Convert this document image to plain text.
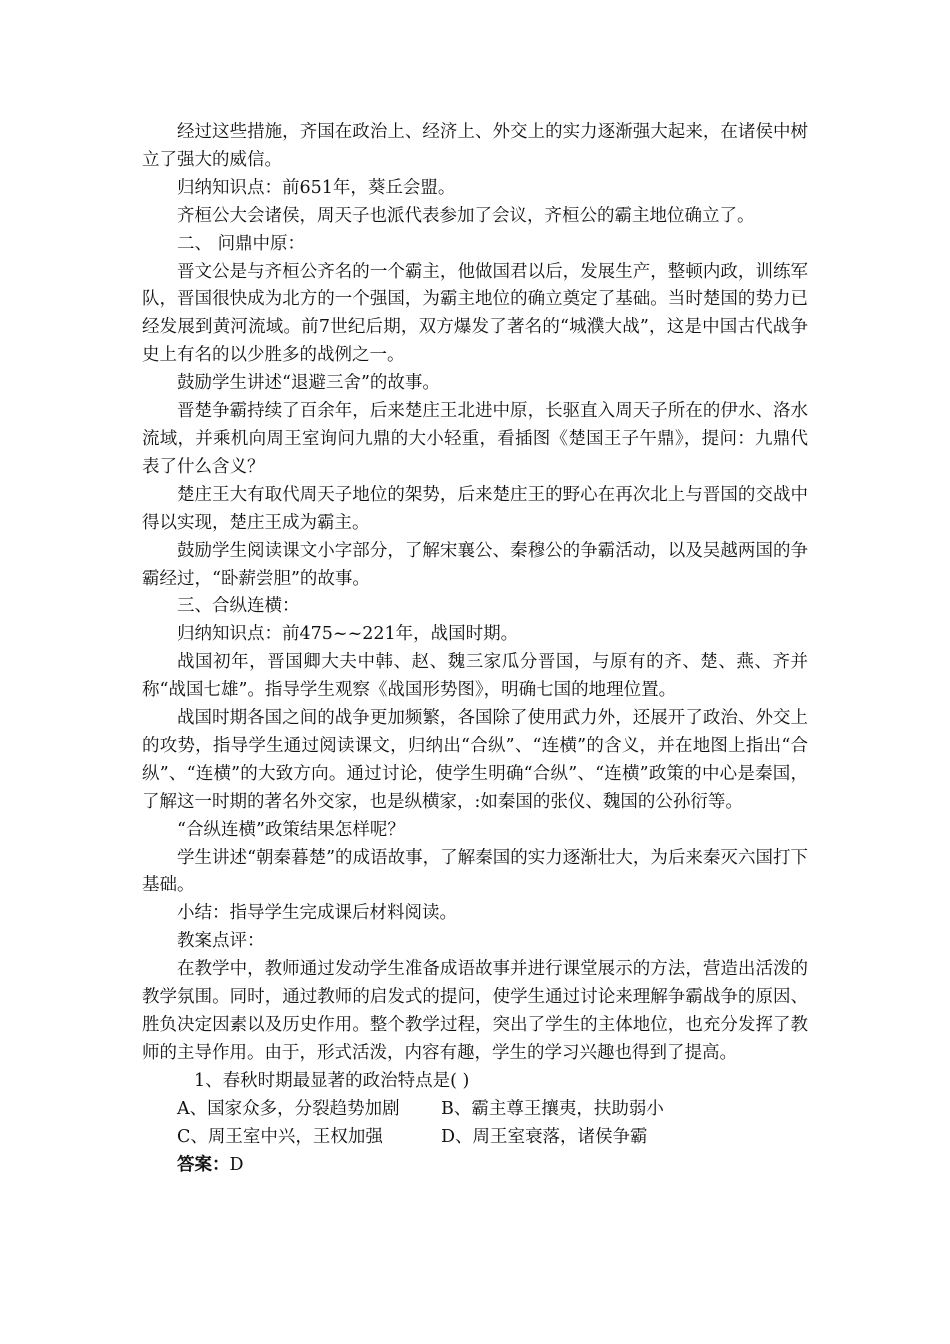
经过这些措施，齐国在政治上、经济上、外交上的实力逐渐强大起来，在诸侯中树立了强大的威信。

归纳知识点：前651年，葵丘会盟。

齐桓公大会诸侯，周天子也派代表参加了会议，齐桓公的霸主地位确立了。

二、 问鼎中原：

晋文公是与齐桓公齐名的一个霸主，他做国君以后，发展生产，整顿内政，训练军队，晋国很快成为北方的一个强国，为霸主地位的确立奠定了基础。当时楚国的势力已经发展到黄河流域。前7世纪后期，双方爆发了著名的“城濮大战”，这是中国古代战争史上有名的以少胜多的战例之一。

鼓励学生讲述“退避三舍”的故事。

晋楚争霸持续了百余年，后来楚庄王北进中原，长驱直入周天子所在的伊水、洛水流域，并乘机向周王室询问九鼎的大小轻重，看插图《楚国王子午鼎》，提问：九鼎代表了什么含义？

楚庄王大有取代周天子地位的架势，后来楚庄王的野心在再次北上与晋国的交战中得以实现，楚庄王成为霸主。

鼓励学生阅读课文小字部分，了解宋襄公、秦穆公的争霸活动，以及吴越两国的争霸经过，“卧薪尝胆”的故事。

三、合纵连横：

归纳知识点：前475~~221年，战国时期。

战国初年，晋国卿大夫中韩、赵、魏三家瓜分晋国，与原有的齐、楚、燕、齐并称“战国七雄”。指导学生观察《战国形势图》，明确七国的地理位置。

战国时期各国之间的战争更加频繁，各国除了使用武力外，还展开了政治、外交上的攻势，指导学生通过阅读课文，归纳出“合纵”、“连横”的含义，并在地图上指出“合纵”、“连横”的大致方向。通过讨论，使学生明确“合纵”、“连横”政策的中心是秦国，了解这一时期的著名外交家，也是纵横家，:如秦国的张仪、魏国的公孙衍等。

“合纵连横”政策结果怎样呢？

学生讲述“朝秦暮楚”的成语故事，了解秦国的实力逐渐壮大，为后来秦灭六国打下基础。

小结：指导学生完成课后材料阅读。

教案点评：

在教学中，教师通过发动学生准备成语故事并进行课堂展示的方法，营造出活泼的教学氛围。同时，通过教师的启发式的提问，使学生通过讨论来理解争霸战争的原因、胜负决定因素以及历史作用。整个教学过程，突出了学生的主体地位，也充分发挥了教师的主导作用。由于，形式活泼，内容有趣，学生的学习兴趣也得到了提高。

1、春秋时期最显著的政治特点是( )

A、国家众多，分裂趋势加剧	B、霸主尊王攘夷，扶助弱小
C、周王室中兴，王权加强	D、周王室衰落，诸侯争霸
答案：D
